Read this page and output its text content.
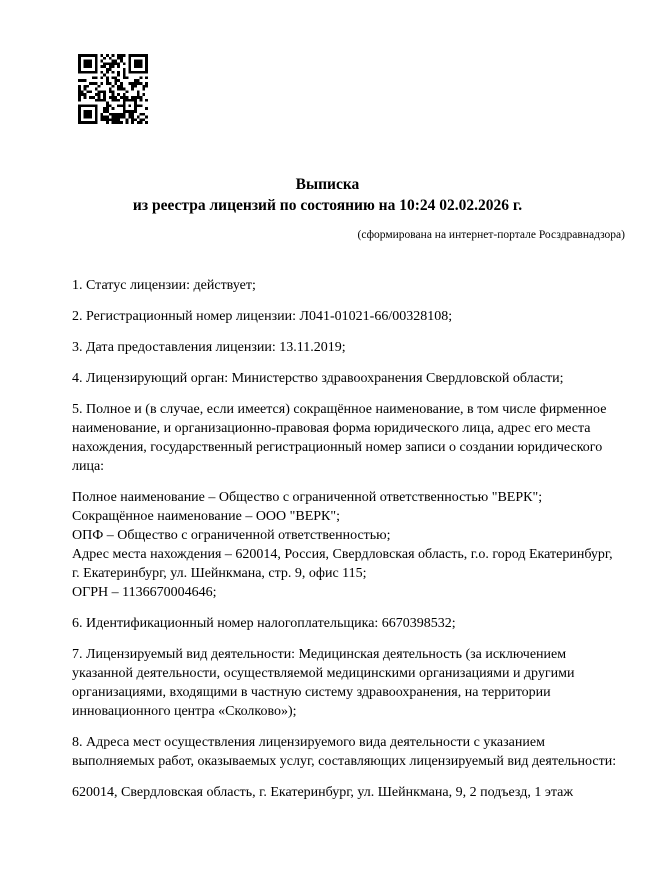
Выписка
из реестра лицензий по состоянию на 10:24 02.02.2026 г.
(сформирована на интернет-портале Росздравнадзора)

1. Статус лицензии: действует;

2. Регистрационный номер лицензии: Л041-01021-66/00328108;

3. Дата предоставления лицензии: 13.11.2019;

4. Лицензирующий орган: Министерство здравоохранения Свердловской области;

5. Полное и (в случае, если имеется) сокращённое наименование, в том числе фирменное наименование, и организационно-правовая форма юридического лица, адрес его места нахождения, государственный регистрационный номер записи о создании юридического лица:

Полное наименование – Общество с ограниченной ответственностью "ВЕРК";
Сокращённое наименование – ООО "ВЕРК";
ОПФ – Общество с ограниченной ответственностью;
Адрес места нахождения – 620014, Россия, Свердловская область, г.о. город Екатеринбург, г. Екатеринбург, ул. Шейнкмана, стр. 9, офис 115;
ОГРН – 1136670004646;

6. Идентификационный номер налогоплательщика: 6670398532;

7. Лицензируемый вид деятельности: Медицинская деятельность (за исключением указанной деятельности, осуществляемой медицинскими организациями и другими организациями, входящими в частную систему здравоохранения, на территории инновационного центра «Сколково»);

8. Адреса мест осуществления лицензируемого вида деятельности с указанием выполняемых работ, оказываемых услуг, составляющих лицензируемый вид деятельности:

620014, Свердловская область, г. Екатеринбург, ул. Шейнкмана, 9, 2 подъезд, 1 этаж
